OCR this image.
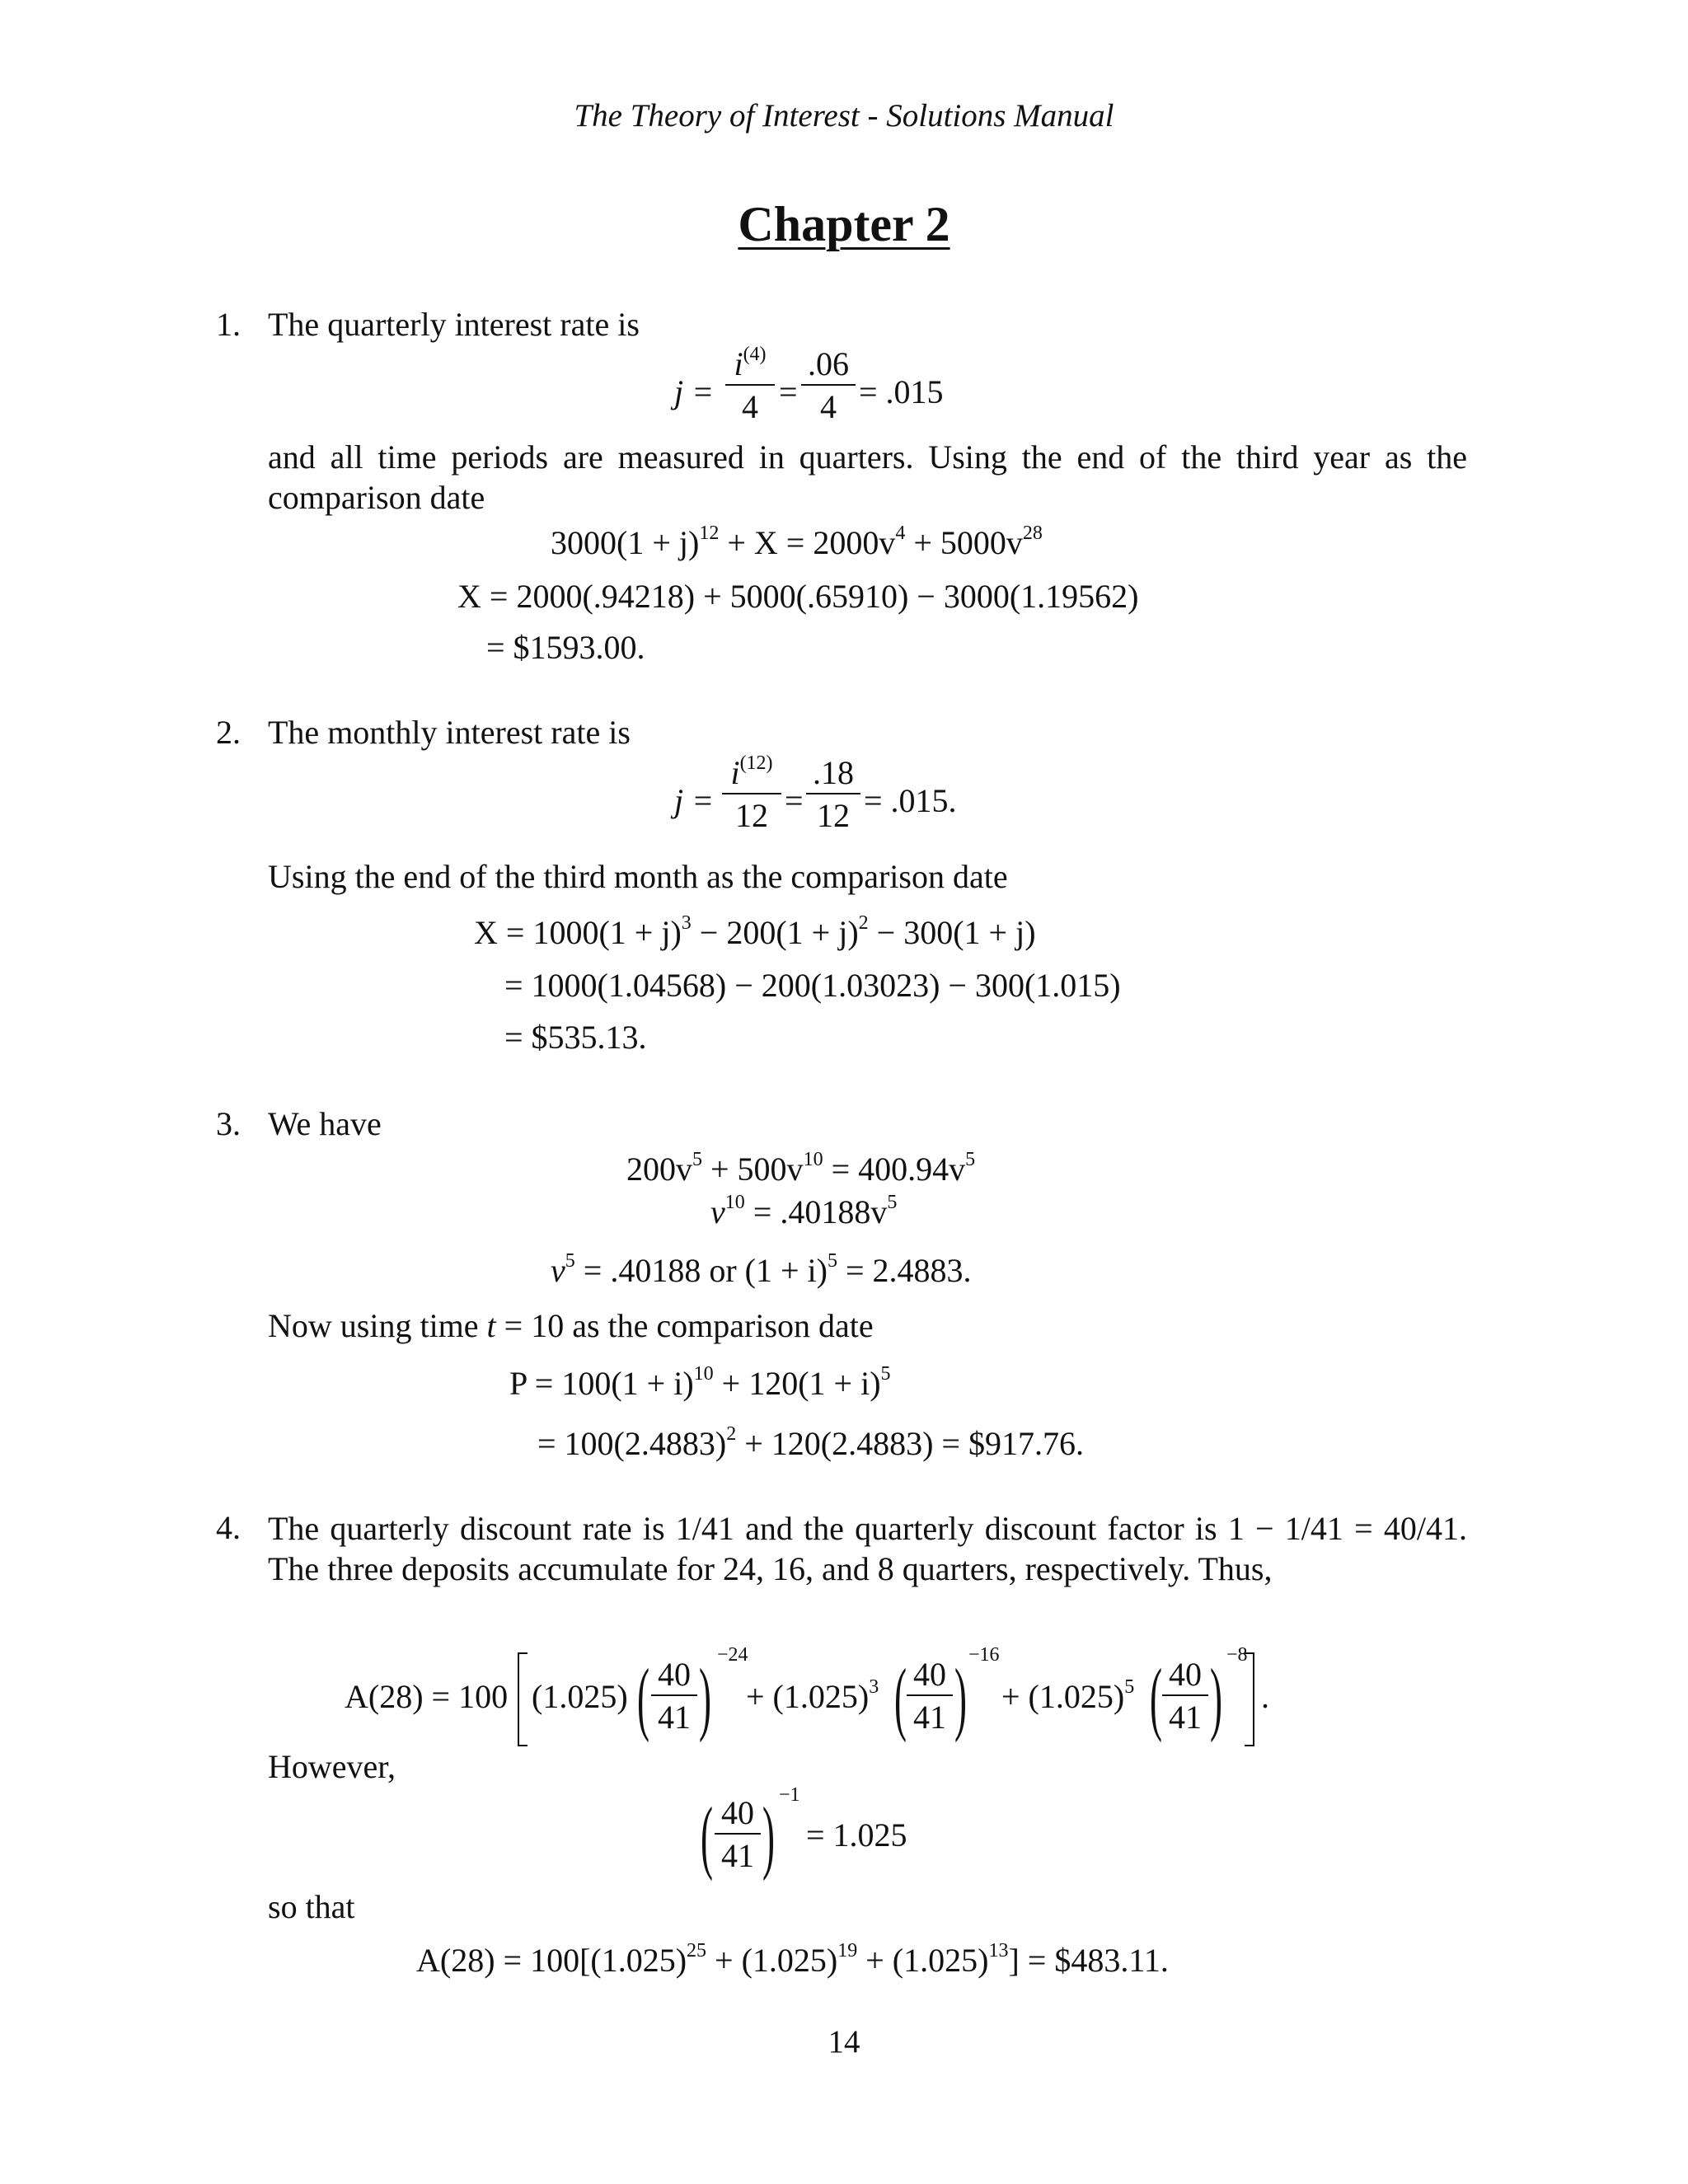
The Theory of Interest - Solutions Manual
Chapter 2
1. The quarterly interest rate is
j =
$i^{(4)}$
4 =
.06
4 = .015
and all time periods are measured in quarters. Using the end of the third year as the comparison date
$3000(1 + j)^{12} + X = 2000v^4 + 5000v^{28}$
X = 2000(.94218) + 5000(.65910) − 3000(1.19562)
= $1593.00.
2. The monthly interest rate is
j =
$i^{(12)}$
12 =
.18
12 = .015.
Using the end of the third month as the comparison date
$X = 1000(1 + j)^3 - 200(1 + j)^2 - 300(1 + j)$
= 1000(1.04568) − 200(1.03023) − 300(1.015)
= $535.13.
3. We have
$200v^5 + 500v^{10} = 400.94v^5$
$v^{10} = .40188v^5$
$v^5 = .40188$ or $(1 + i)^5 = 2.4883$.
Now using time t = 10 as the comparison date
$P = 100(1 + i)^{10} + 120(1 + i)^5$
= $100(2.4883)^2 + 120(2.4883)$ = $917.76.
4. The quarterly discount rate is 1/41 and the quarterly discount factor is 1 − 1/41 = 40/41. The three deposits accumulate for 24, 16, and 8 quarters, respectively. Thus,
A(28) = 100 (1.025) ( 40
41 ) −24
+ $(1.025)^3$ ( 40
41 ) −16
+ $(1.025)^5$ ( 40
41 ) −8
.
However,
( 40
41 ) −1
= 1.025
so that
$A(28) = 100[(1.025)^{25} + (1.025)^{19} + (1.025)^{13}]$ = $483.11.
14
